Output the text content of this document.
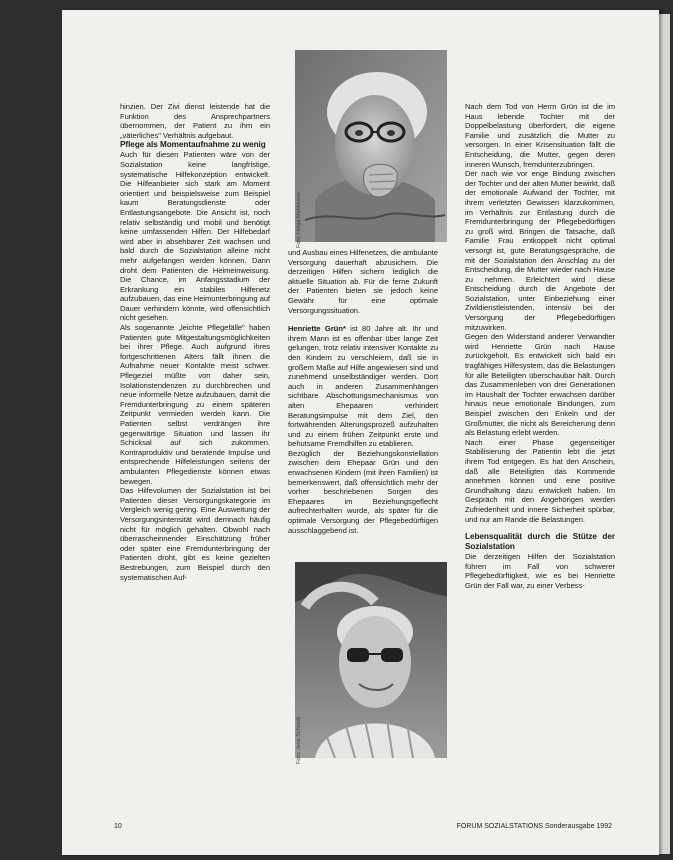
hinzien. Der Zivi dienst leistende hat die Funktion des Ansprechpartners übernommen, der Patient zu ihm ein „väterliches" Verhältnis aufgebaut.

Pflege als Momentaufnahme zu wenig

Auch für diesen Patienten wäre von der Sozialstation keine langfristige, systematische Hilfekonzeption entwickelt. Die Hilfeanbieter sich stark am Moment orientiert und beispielsweise zum Beispiel kaum Beratungsdienste oder Entlastungsangebote. Die Ansicht ist, noch relativ selbständig und mobil und benötigt keine umfassenden Hilfen. Der Hilfebedarf wird aber in absehbarer Zeit wachsen und bald durch die Sozialstation alleine nicht mehr aufgefangen werden können. Dann droht dem Patienten die Heimeinweisung. Die Chance, im Anfangsstadium der Erkrankung ein stabiles Hilfenetz aufzubauen, das eine Heimunterbringung auf Dauer verhindern könnte, wird offensichtlich nicht gesehen.

Als sogenannte „leichte Pflegefälle" haben Patienten gute Mitgestaltungsmöglichkeiten bei ihrer Pflege. Auch aufgrund ihres fortgeschrittenen Alters fällt ihnen die Aufnahme neuer Kontakte meist schwer. Pflegeziel müßte von daher sein, Isolationstendenzen zu durchbrechen und neue informelle Netze aufzubauen, damit die Fremdunterbringung zu einem späteren Zeitpunkt vermieden werden kann. Die Patienten selbst verdrängen ihre gegenwärtige Situation und lassen ihr Schicksal auf sich zukommen. Kontraproduktiv und beratende Impulse und entsprechende Hilfeleistungen seitens der ambulanten Pflegedienste können etwas bewegen.

Das Hilfevolumen der Sozialstation ist bei Patienten dieser Versorgungskategorie im Vergleich wenig gering. Eine Ausweitung der Versorgungsintensität wird demnach häufig nicht für möglich gehalten. Obwohl nach überrascheinnender Einschätzung früher oder später eine Fremdunterbringung der Patienten droht, gibt es keine gezielten Bestrebungen, zum Beispiel durch den systematischen Auf-

Foto: Helga Mahlmann

und Ausbau eines Hilfenetzes, die ambulante Versorgung dauerhaft abzusichern. Die derzeitigen Hilfen sichern lediglich die aktuelle Situation ab. Für die ferne Zukunft der Patienten bieten sie jedoch keine Gewähr für eine optimale Versorgungssituation.

Henriette Grün* ist 80 Jahre alt. Ihr und ihrem Mann ist es offenbar über lange Zeit gelungen, trotz relativ intensiver Kontakte zu den Kindern zu verschleiern, daß sie in großem Maße auf Hilfe angewiesen sind und zunehmend unselbständiger werden. Dort auch in anderen Zusammenhängen sichtbare Abschottungsmechanismus von alten Ehepaaren verhindert Beratungsimpulse mit dem Ziel, den fortwährenden Alterungsprozeß aufzuhalten und zu einem frühen Zeitpunkt erste und behutsame Fremdhilfen zu etablieren.

Bezüglich der Beziehungskonstellation zwischen dem Ehepaar Grün und den erwachsenen Kindern (mit ihren Familien) ist bemerkenswert, daß offensichtlich mehr der vorher beschriebenen Sorgen des Ehepaares im Beziehungsgeflecht aufrechterhalten wurde, als später für die optimale Versorgung der Pflegebedürftigen ausschlaggebend ist.

Foto: Jens Schmidt

Nach dem Tod von Herrn Grün ist die im Haus lebende Tochter mit der Doppelbelastung überfordert, die eigene Familie und zusätzlich die Mutter zu versorgen. In einer Krisensituation fällt die Entscheidung, die Mutter, gegen deren inneren Wunsch, fremdunterzubringen.

Der nach wie vor enge Bindung zwischen der Tochter und der alten Mutter bewirkt, daß der emotionale Aufwand der Tochter, mit ihrem verletzten Gewissen klarzukommen, im Verhältnis zur Entlastung durch die Fremdunterbringung der Pflegebedürftigen zu groß wird. Bringen die Tatsache, daß Familie Frau entkoppelt nicht optimal versorgt ist, gute Beratungsgespräche, die mit der Sozialstation den Anschlag zu der Entscheidung, die Mutter wieder nach Hause zu nehmen. Erleichtert wird diese Entscheidung durch die Angebote der Sozialstation, unter Einbeziehung einer Zivildienstleistenden, intensiv bei der Versorgung der Pflegebedürftigen mitzuwirken.

Gegen den Widerstand anderer Verwandter wird Henriette Grün nach Hause zurückgeholt. Es entwickelt sich bald ein tragfähiges Hilfesystem, das die Belastungen für alle Beteiligten überschaubar hält. Durch das Zusammenleben von drei Generationen im Haushalt der Tochter erwachsen darüber hinaus neue emotionale Bindungen, zum Beispiel zwischen den Enkeln und der Großmutter, die nicht als Bereicherung denn als Belastung erlebt werden.

Nach einer Phase gegenseitiger Stabilisierung der Patientin lebt die jetzt ihrem Tod entgegen. Es hat den Anschein, daß alle Beteiligten das Kommende annehmen können und eine positive Grundhaltung dazu entwickelt haben. Im Gespräch mit den Angehörigen werden Zufriedenheit und innere Sicherheit spürbar, und nur am Rande die Belastungen.

Lebensqualität durch die Stütze der Sozialstation

Die derzeitigen Hilfen der Sozialstation führen im Fall von schwerer Pflegebedürftigkeit, wie es bei Henriette Grün der Fall war, zu einer Verbess-

10	FORUM SOZIALSTATIONS Sonderausgabe 1992
